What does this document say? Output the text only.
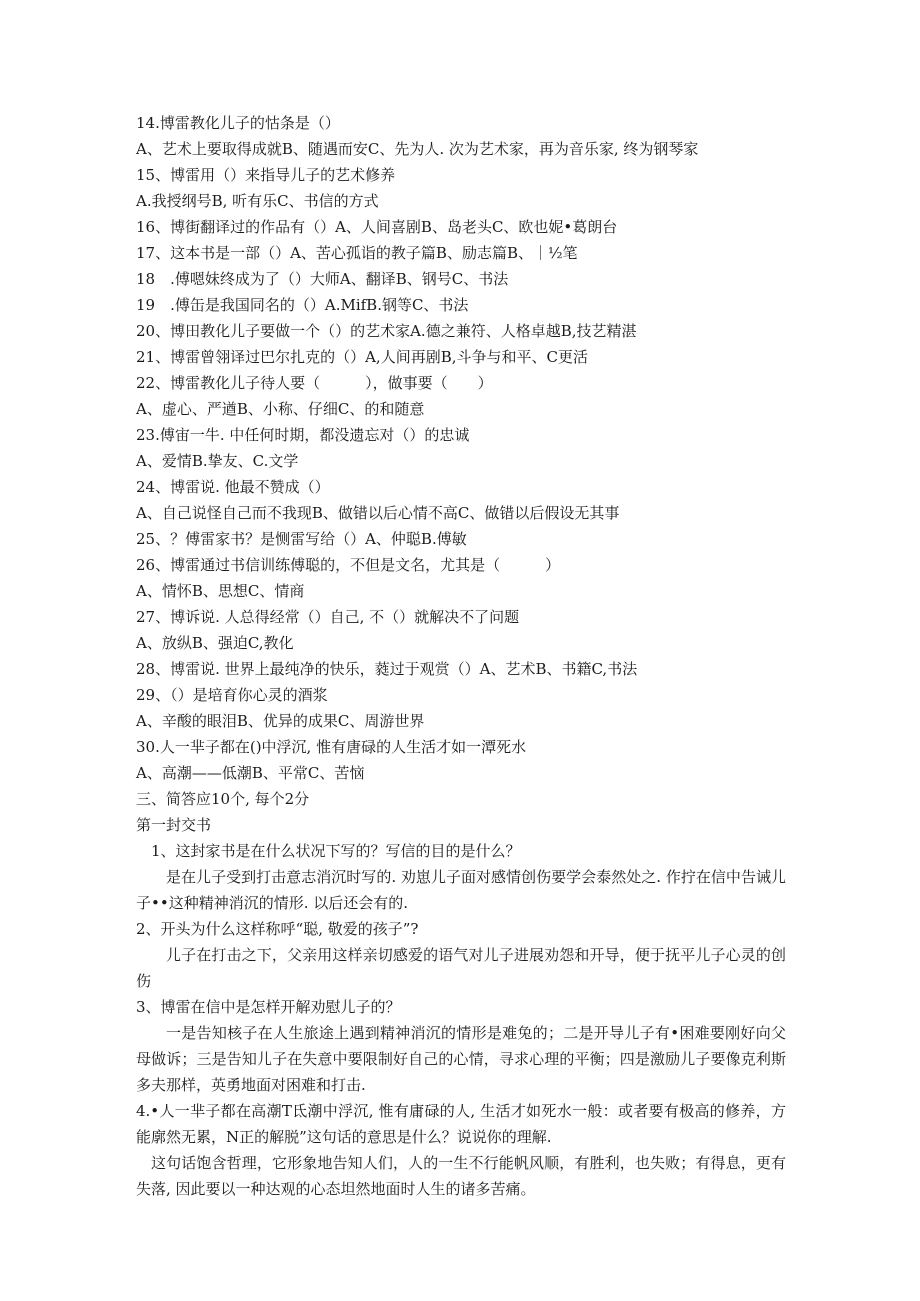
14.博雷教化儿子的怙条是（）
A、艺术上要取得成就B、随遇而安C、先为人. 次为艺术家，再为音乐家, 终为钢琴家
15、博雷用（）来指导儿子的艺术修养
A.我授纲号B, 听有乐C、书信的方式
16、博街翻译过的作品有（）A、人间喜剧B、岛老头C、欧也妮•葛朗台
17、这本书是一部（）A、苦心孤诣的教子篇B、励志篇B、｜½笔
18　.傅嗯妹终成为了（）大师A、翻译B、钢号C、书法
19　.傅缶是我国同名的（）A.MifB.钢等C、书法
20、博田教化儿子要做一个（）的艺术家A.德之兼符、人格卓越B,技艺精湛
21、博雷曾翎译过巴尔扎克的（）A,人间再剧B,斗争与和平、C更活
22、博雷教化儿子待人要（　　　），做事要（　　）
A、虚心、严遒B、小称、仔细C、的和随意
23.傅宙一牛. 中任何时期，都没遗忘对（）的忠诚
A、爱情B.挚友、C.文学
24、博雷说. 他最不赞成（）
A、自己说怪自己而不我现B、做错以后心情不高C、做错以后假设无其事
25、？傅雷家书？是恻雷写给（）A、仲聪B.傅敏
26、博雷通过书信训练傅聪的，不但是文名，尤其是（　　　）
A、情怀B、思想C、情商
27、博诉说. 人总得经常（）自己, 不（）就解决不了问题
A、放纵B、强迫C,教化
28、博雷说. 世界上最纯净的快乐，蕤过于观赏（）A、艺术B、书籍C,书法
29、（）是培育你心灵的酒浆
A、辛酸的眼泪B、优异的成果C、周游世界
30.人一芈子都在()中浮沉, 惟有唐碌的人生活才如一潭死水
A、高潮——低潮B、平常C、苦恼
三、简答应10个, 每个2分
第一封交书
1、这封家书是在什么状况下写的？写信的目的是什么？
是在儿子受到打击意志消沉时写的. 劝崽儿子面对感情创伤要学会泰然处之. 作拧在信中告诫儿子••这种精神消沉的情形. 以后还会有的.
2、开头为什么这样称呼“聪, 敬爱的孩子”?
儿子在打击之下，父亲用这样亲切感爱的语气对儿子进展劝怨和开导，便于抚平儿子心灵的创伤
3、博雷在信中是怎样开解劝慰儿子的？
一是告知核子在人生旅途上遇到精神消沉的情形是难兔的；二是开导儿子有•困难要刚好向父母做诉；三是告知儿子在失意中要限制好自己的心情，寻求心理的平衡；四是激励儿子要像克利斯多夫那样，英勇地面对困难和打击.
4.•人一芈子都在高潮T氐潮中浮沉, 惟有庸碌的人, 生活才如死水一般：或者要有极高的修养，方能廓然无累，N正的解脱”这句话的意思是什么？说说你的理解.
这句话饱含哲理，它形象地告知人们，人的一生不行能帆风顺，有胜利，也失败；有得息，更有失落, 因此要以一种达观的心态坦然地面时人生的诸多苦痛。
